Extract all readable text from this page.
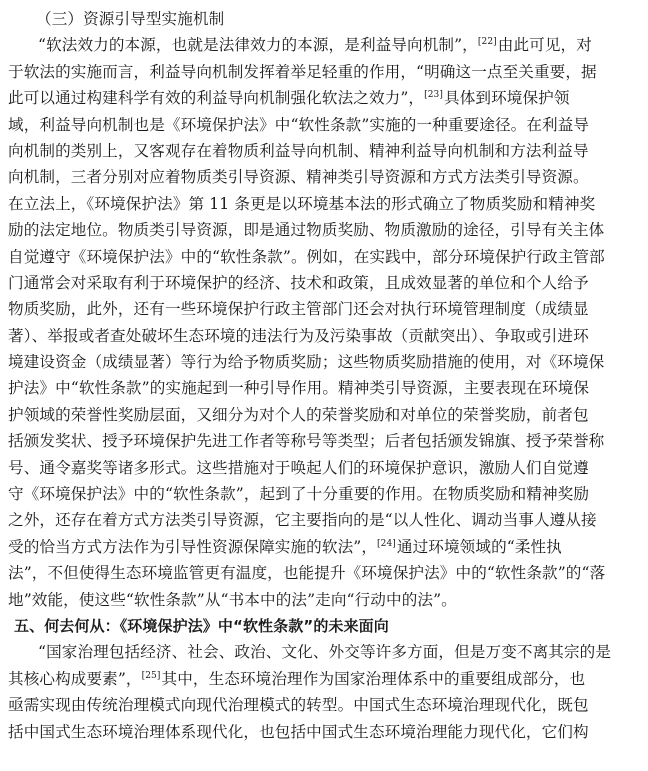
（三）资源引导型实施机制
“软法效力的本源，也就是法律效力的本源，是利益导向机制”，[22]由此可见，对
于软法的实施而言，利益导向机制发挥着举足轻重的作用，“明确这一点至关重要，据
此可以通过构建科学有效的利益导向机制强化软法之效力”，[23]具体到环境保护领
域，利益导向机制也是《环境保护法》中“软性条款”实施的一种重要途径。在利益导
向机制的类别上，又客观存在着物质利益导向机制、精神利益导向机制和方法利益导
向机制，三者分别对应着物质类引导资源、精神类引导资源和方式方法类引导资源。
在立法上，《环境保护法》第 11 条更是以环境基本法的形式确立了物质奖励和精神奖
励的法定地位。物质类引导资源，即是通过物质奖励、物质激励的途径，引导有关主体
自觉遵守《环境保护法》中的“软性条款”。例如，在实践中，部分环境保护行政主管部
门通常会对采取有利于环境保护的经济、技术和政策，且成效显著的单位和个人给予
物质奖励，此外，还有一些环境保护行政主管部门还会对执行环境管理制度（成绩显
著）、举报或者查处破坏生态环境的违法行为及污染事故（贡献突出）、争取或引进环
境建设资金（成绩显著）等行为给予物质奖励；这些物质奖励措施的使用，对《环境保
护法》中“软性条款”的实施起到一种引导作用。精神类引导资源，主要表现在环境保
护领域的荣誉性奖励层面，又细分为对个人的荣誉奖励和对单位的荣誉奖励，前者包
括颁发奖状、授予环境保护先进工作者等称号等类型；后者包括颁发锦旗、授予荣誉称
号、通令嘉奖等诸多形式。这些措施对于唤起人们的环境保护意识，激励人们自觉遵
守《环境保护法》中的“软性条款”，起到了十分重要的作用。在物质奖励和精神奖励
之外，还存在着方式方法类引导资源，它主要指向的是“以人性化、调动当事人遵从接
受的恰当方式方法作为引导性资源保障实施的软法”，[24]通过环境领域的“柔性执
法”，不但使得生态环境监管更有温度，也能提升《环境保护法》中的“软性条款”的“落
地”效能，使这些“软性条款”从“书本中的法”走向“行动中的法”。
五、何去何从：《环境保护法》中“软性条款”的未来面向
“国家治理包括经济、社会、政治、文化、外交等许多方面，但是万变不离其宗的是
其核心构成要素”，[25]其中，生态环境治理作为国家治理体系中的重要组成部分，也
亟需实现由传统治理模式向现代治理模式的转型。中国式生态环境治理现代化，既包
括中国式生态环境治理体系现代化，也包括中国式生态环境治理能力现代化，它们构
